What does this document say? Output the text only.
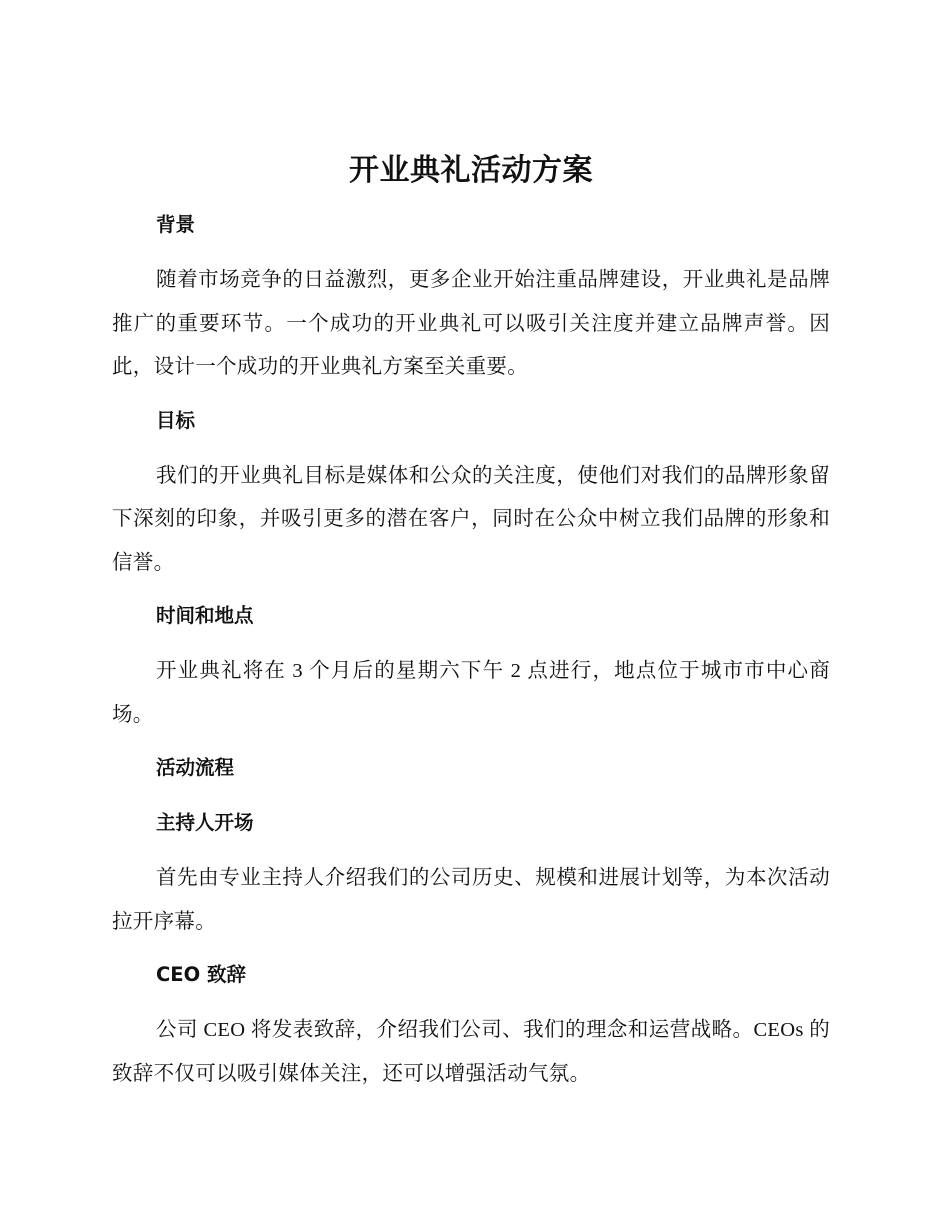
开业典礼活动方案
背景

随着市场竞争的日益激烈，更多企业开始注重品牌建设，开业典礼是品牌推广的重要环节。一个成功的开业典礼可以吸引关注度并建立品牌声誉。因此，设计一个成功的开业典礼方案至关重要。

目标

我们的开业典礼目标是媒体和公众的关注度，使他们对我们的品牌形象留下深刻的印象，并吸引更多的潜在客户，同时在公众中树立我们品牌的形象和信誉。

时间和地点

开业典礼将在 3 个月后的星期六下午 2 点进行，地点位于城市市中心商场。

活动流程
主持人开场

首先由专业主持人介绍我们的公司历史、规模和进展计划等，为本次活动拉开序幕。

CEO 致辞

公司 CEO 将发表致辞，介绍我们公司、我们的理念和运营战略。CEOs 的致辞不仅可以吸引媒体关注，还可以增强活动气氛。
